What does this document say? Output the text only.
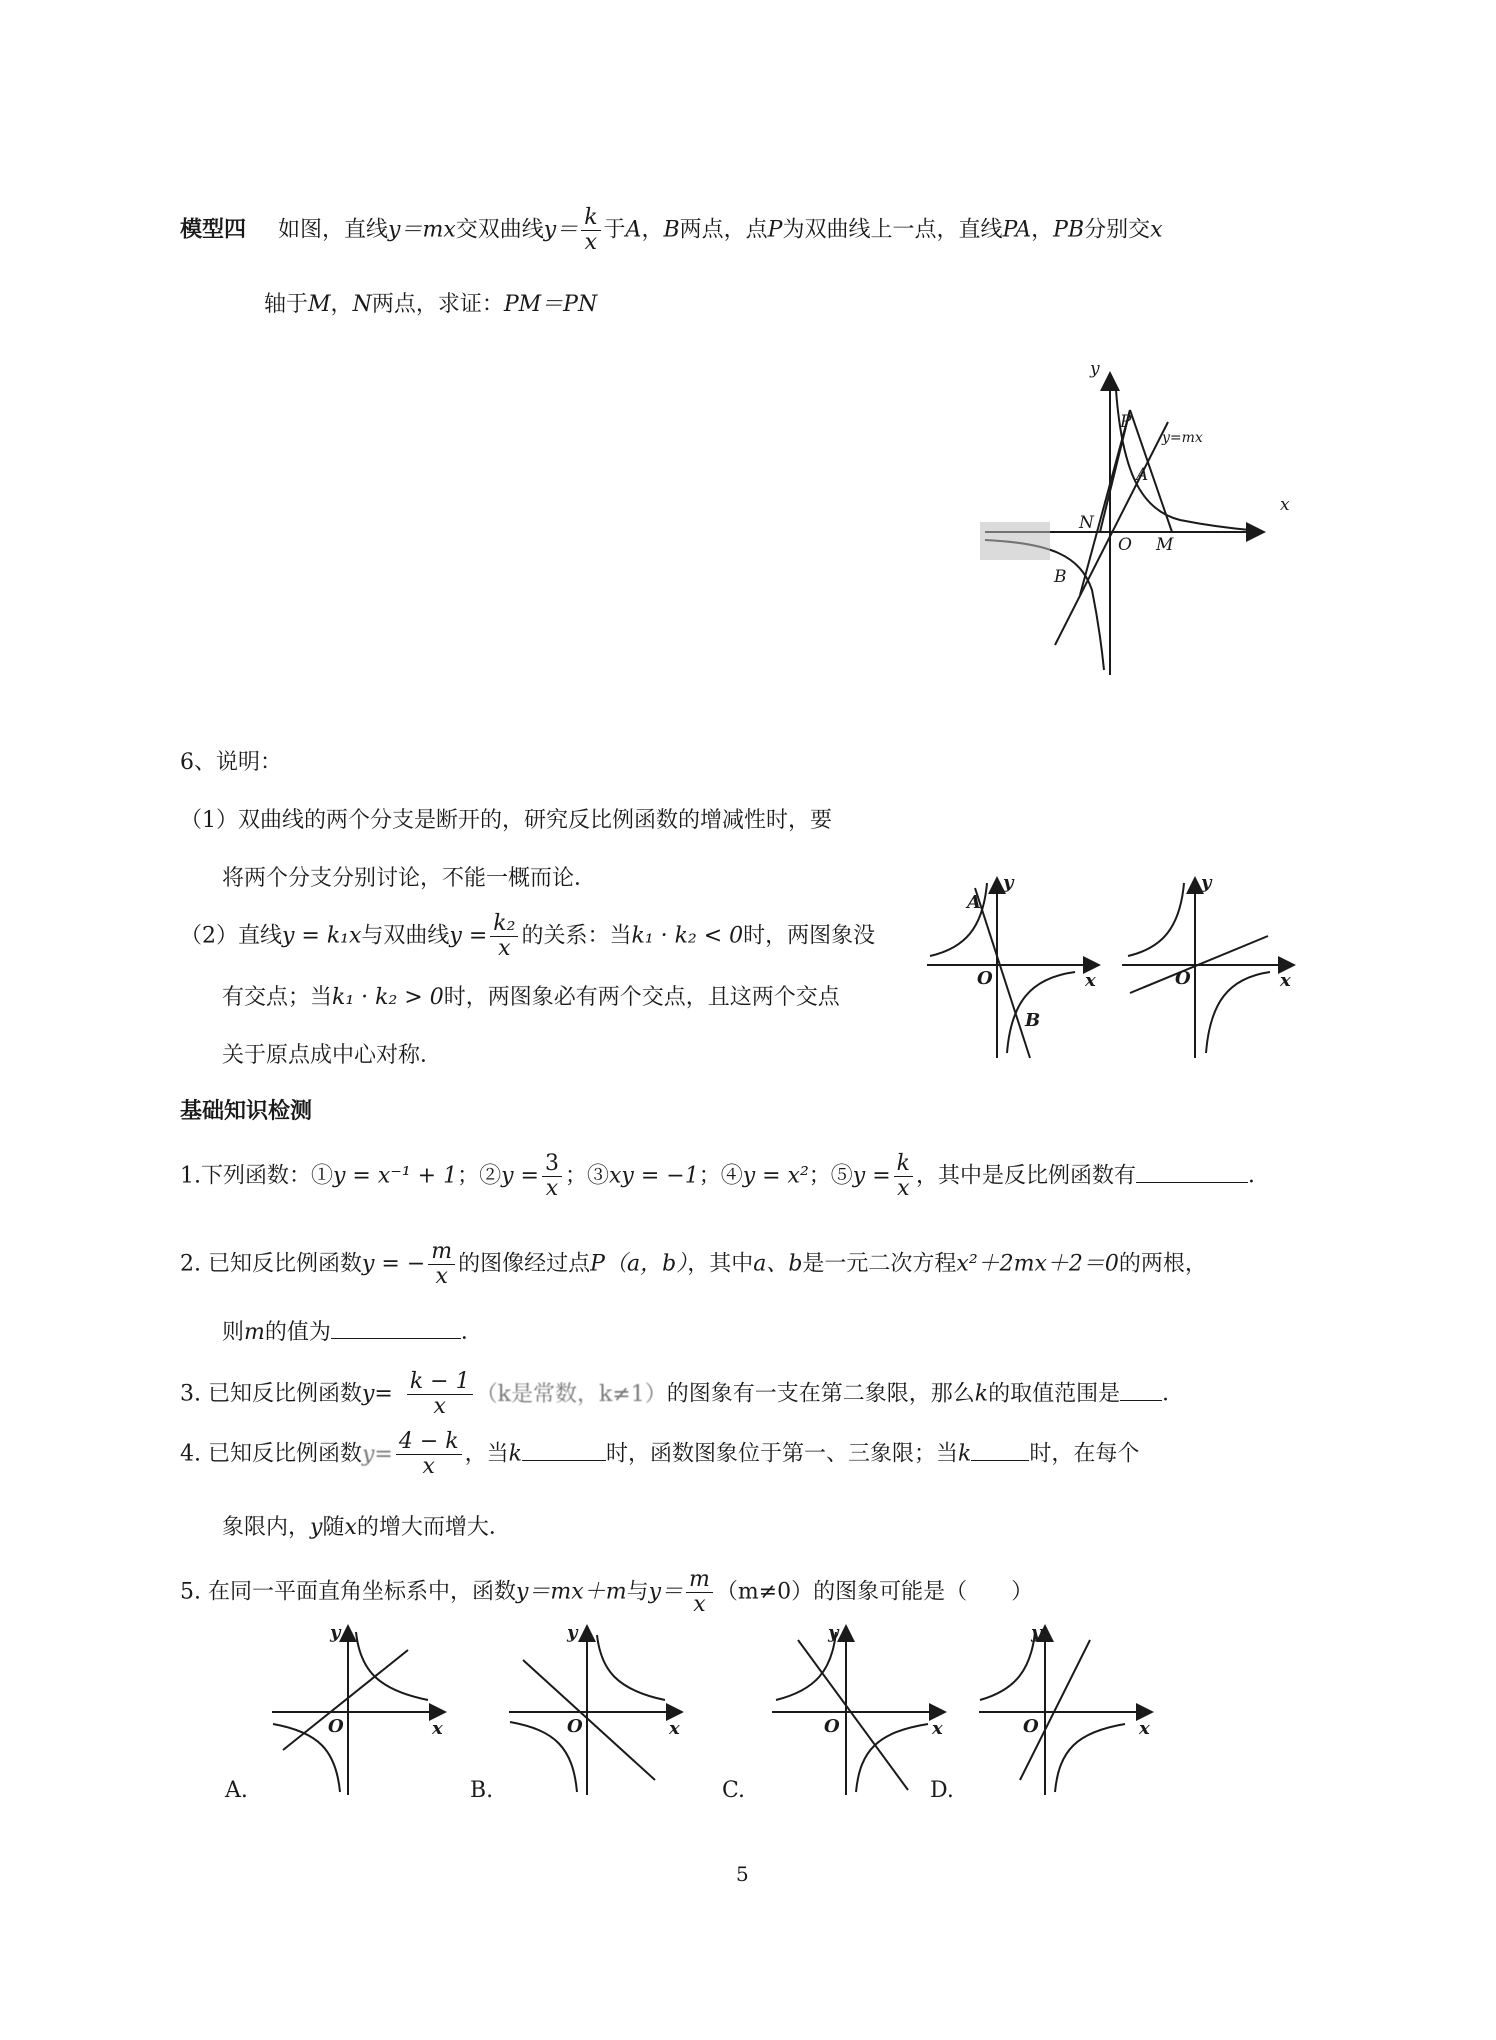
模型四 如图，直线y＝mx交双曲线$y= \frac{k}{x}$ 于A，B两点，点P为双曲线上一点，直线PA，PB分别交x
轴于M，N两点，求证：PM＝PN
y
x
y=mx
P
A
N
O M
B
6、说明：
（1）双曲线的两个分支是断开的，研究反比例函数的增减性时，要
将两个分支分别讨论，不能一概而论．
（2）直线y = k₁x与双曲线$y = \frac{\text{k₂}}{x}$ 的关系：当k₁ · k₂ < 0时，两图象没
有交点；当k₁ · k₂ > 0时，两图象必有两个交点，且这两个交点
关于原点成中心对称．
A
y
O	x
B
y
O	x
基础知识检测
1.下列函数：①y = x⁻¹ + 1；②y = $\frac{3}{x}$ ；③xy = −1；④y = x²；⑤y = $\frac{k}{x}$ ，其中是反比例函数有	．
2. 已知反比例函数y = − $\frac{m}{x}$ 的图像经过点P（a，b），其中a、b是一元二次方程x²＋2mx＋2＝0的两根，
则m的值为	．
3. 已知反比例函数$y= \frac{k - 1}{x} (k$是常数，k≠1）的图象有一支在第二象限，那么k的取值范围是 ．
4. 已知反比例函数$y= \frac{4 - k}{x}$ ，当k	时，函数图象位于第一、三象限；当k	时，在每个
象限内，y随x的增大而增大．
5. 在同一平面直角坐标系中，函数y＝mx＋m与$y= \frac{m}{x} (m\ne 0)$的图象可能是（　　）
y
O	x
A.
y
O	x
B.
y
O	x
C.
y
O	x
D.
5
